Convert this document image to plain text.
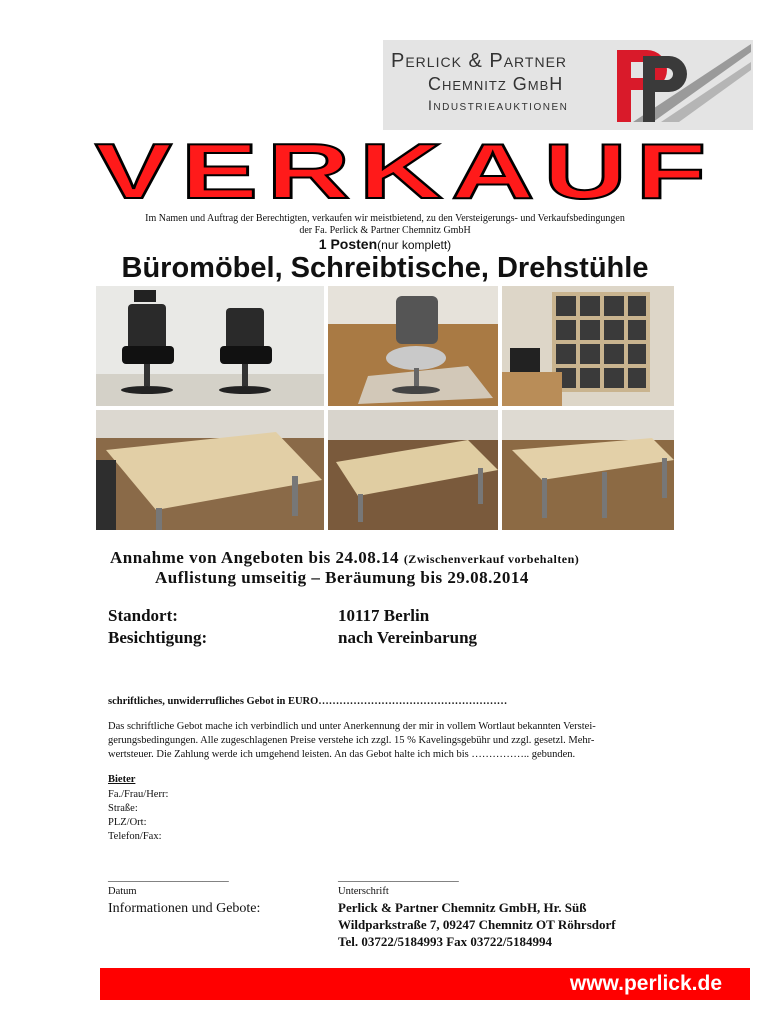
Perlick & Partner
Chemnitz GmbH
Industrieauktionen
VERKAUF
Im Namen und Auftrag der Berechtigten, verkaufen wir meistbietend, zu den Versteigerungs- und Verkaufsbedingungen
der Fa. Perlick & Partner Chemnitz GmbH
1 Posten(nur komplett)
Büromöbel, Schreibtische, Drehstühle
Annahme von Angeboten bis 24.08.14 (Zwischenverkauf vorbehalten)
Auflistung umseitig – Beräumung bis 29.08.2014
Standort:	10117 Berlin
Besichtigung:	nach Vereinbarung
schriftliches, unwiderrufliches Gebot in EURO………………………………………………
Das schriftliche Gebot mache ich verbindlich und unter Anerkennung der mir in vollem Wortlaut bekannten Verstei-
gerungsbedingungen. Alle zugeschlagenen Preise verstehe ich zzgl. 15 % Kavelingsgebühr und zzgl. gesetzl. Mehr-
wertsteuer. Die Zahlung werde ich umgehend leisten. An das Gebot halte ich mich bis …………….. gebunden.
Bieter
Fa./Frau/Herr:
Straße:
PLZ/Ort:
Telefon/Fax:
_______________________
Datum
_______________________
Unterschrift
Informationen und Gebote:	Perlick & Partner Chemnitz GmbH, Hr. Süß
Wildparkstraße 7, 09247 Chemnitz OT Röhrsdorf
Tel. 03722/5184993 Fax 03722/5184994
www.perlick.de
